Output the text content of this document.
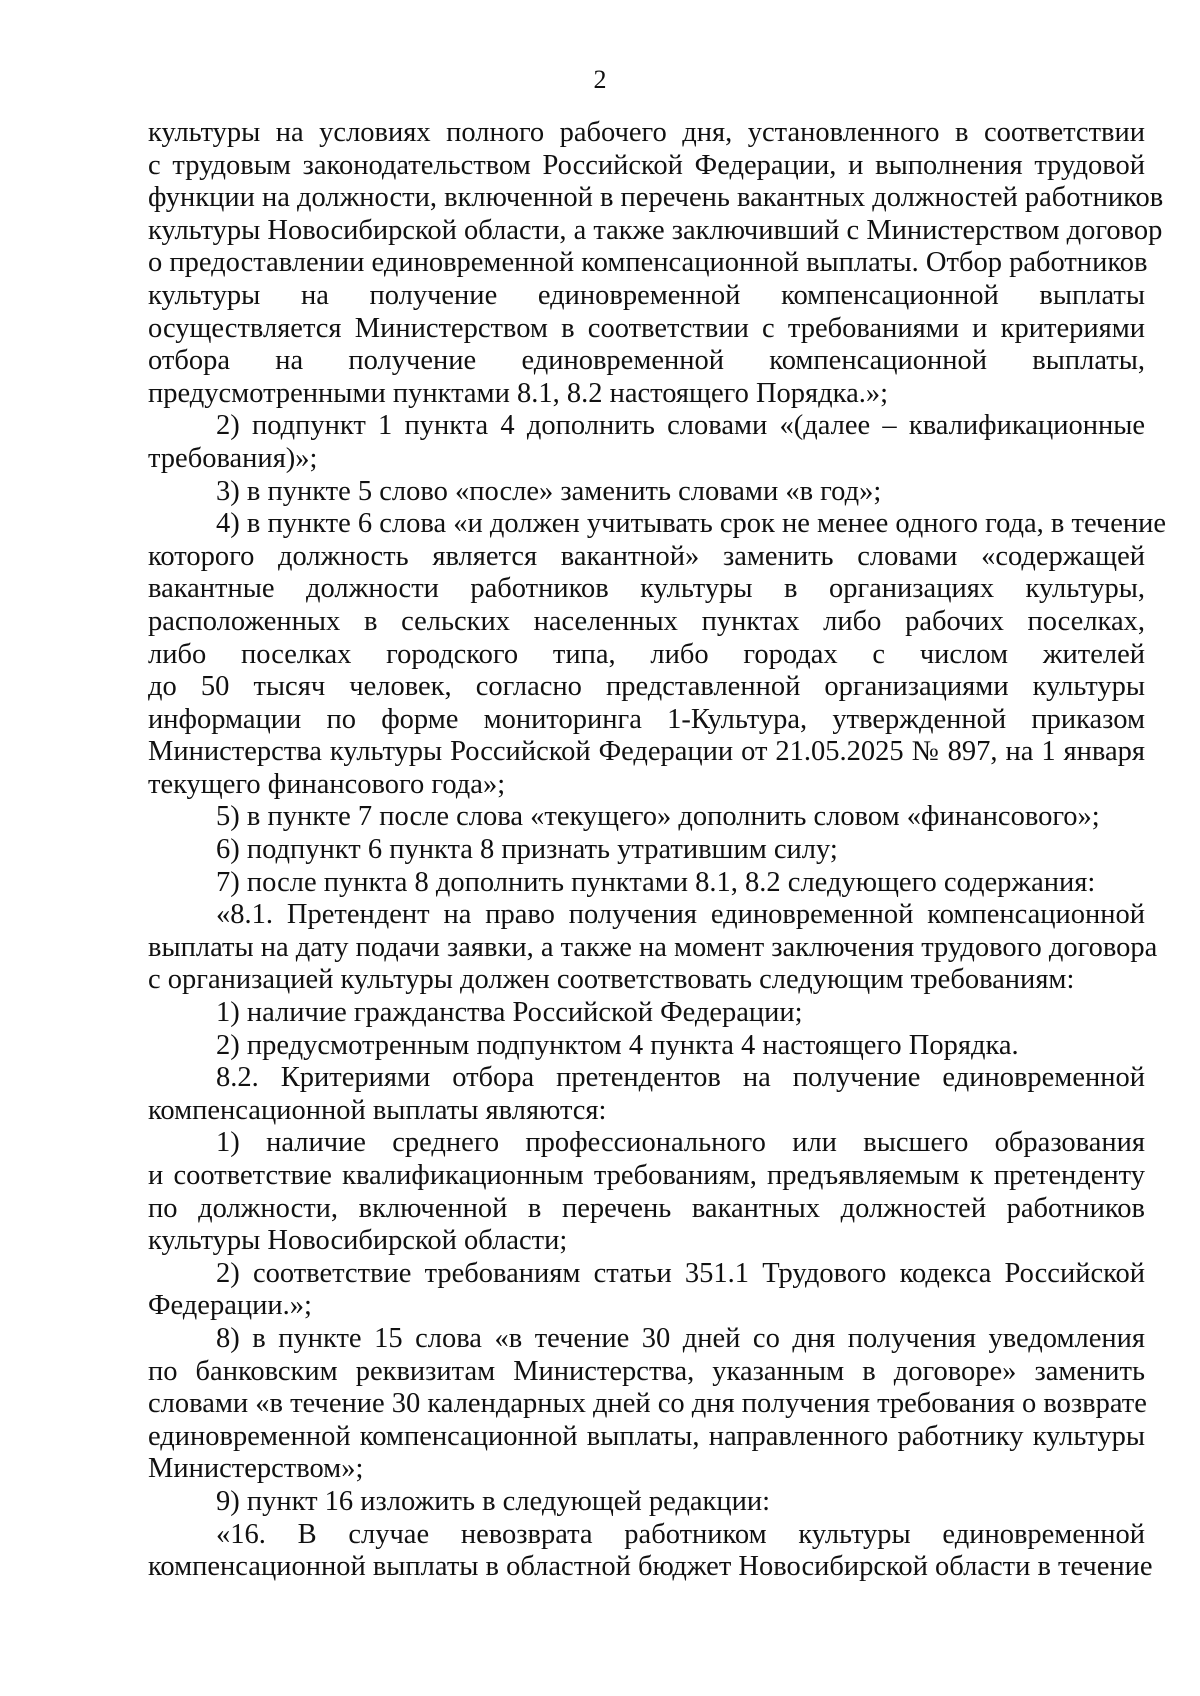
2
культуры на условиях полного рабочего дня, установленного в соответствии
с трудовым законодательством Российской Федерации, и выполнения трудовой
функции на должности, включенной в перечень вакантных должностей работников
культуры Новосибирской области, а также заключивший с Министерством договор
о предоставлении единовременной компенсационной выплаты. Отбор работников
культуры на получение единовременной компенсационной выплаты
осуществляется Министерством в соответствии с требованиями и критериями
отбора на получение единовременной компенсационной выплаты,
предусмотренными пунктами 8.1, 8.2 настоящего Порядка.»;
2) подпункт 1 пункта 4 дополнить словами «(далее – квалификационные
требования)»;
3) в пункте 5 слово «после» заменить словами «в год»;
4) в пункте 6 слова «и должен учитывать срок не менее одного года, в течение
которого должность является вакантной» заменить словами «содержащей
вакантные должности работников культуры в организациях культуры,
расположенных в сельских населенных пунктах либо рабочих поселках,
либо поселках городского типа, либо городах с числом жителей
до 50 тысяч человек, согласно представленной организациями культуры
информации по форме мониторинга 1-Культура, утвержденной приказом
Министерства культуры Российской Федерации от 21.05.2025 № 897, на 1 января
текущего финансового года»;
5) в пункте 7 после слова «текущего» дополнить словом «финансового»;
6) подпункт 6 пункта 8 признать утратившим силу;
7) после пункта 8 дополнить пунктами 8.1, 8.2 следующего содержания:
«8.1. Претендент на право получения единовременной компенсационной
выплаты на дату подачи заявки, а также на момент заключения трудового договора
с организацией культуры должен соответствовать следующим требованиям:
1) наличие гражданства Российской Федерации;
2) предусмотренным подпунктом 4 пункта 4 настоящего Порядка.
8.2. Критериями отбора претендентов на получение единовременной
компенсационной выплаты являются:
1) наличие среднего профессионального или высшего образования
и соответствие квалификационным требованиям, предъявляемым к претенденту
по должности, включенной в перечень вакантных должностей работников
культуры Новосибирской области;
2) соответствие требованиям статьи 351.1 Трудового кодекса Российской
Федерации.»;
8) в пункте 15 слова «в течение 30 дней со дня получения уведомления
по банковским реквизитам Министерства, указанным в договоре» заменить
словами «в течение 30 календарных дней со дня получения требования о возврате
единовременной компенсационной выплаты, направленного работнику культуры
Министерством»;
9) пункт 16 изложить в следующей редакции:
«16. В случае невозврата работником культуры единовременной
компенсационной выплаты в областной бюджет Новосибирской области в течение
